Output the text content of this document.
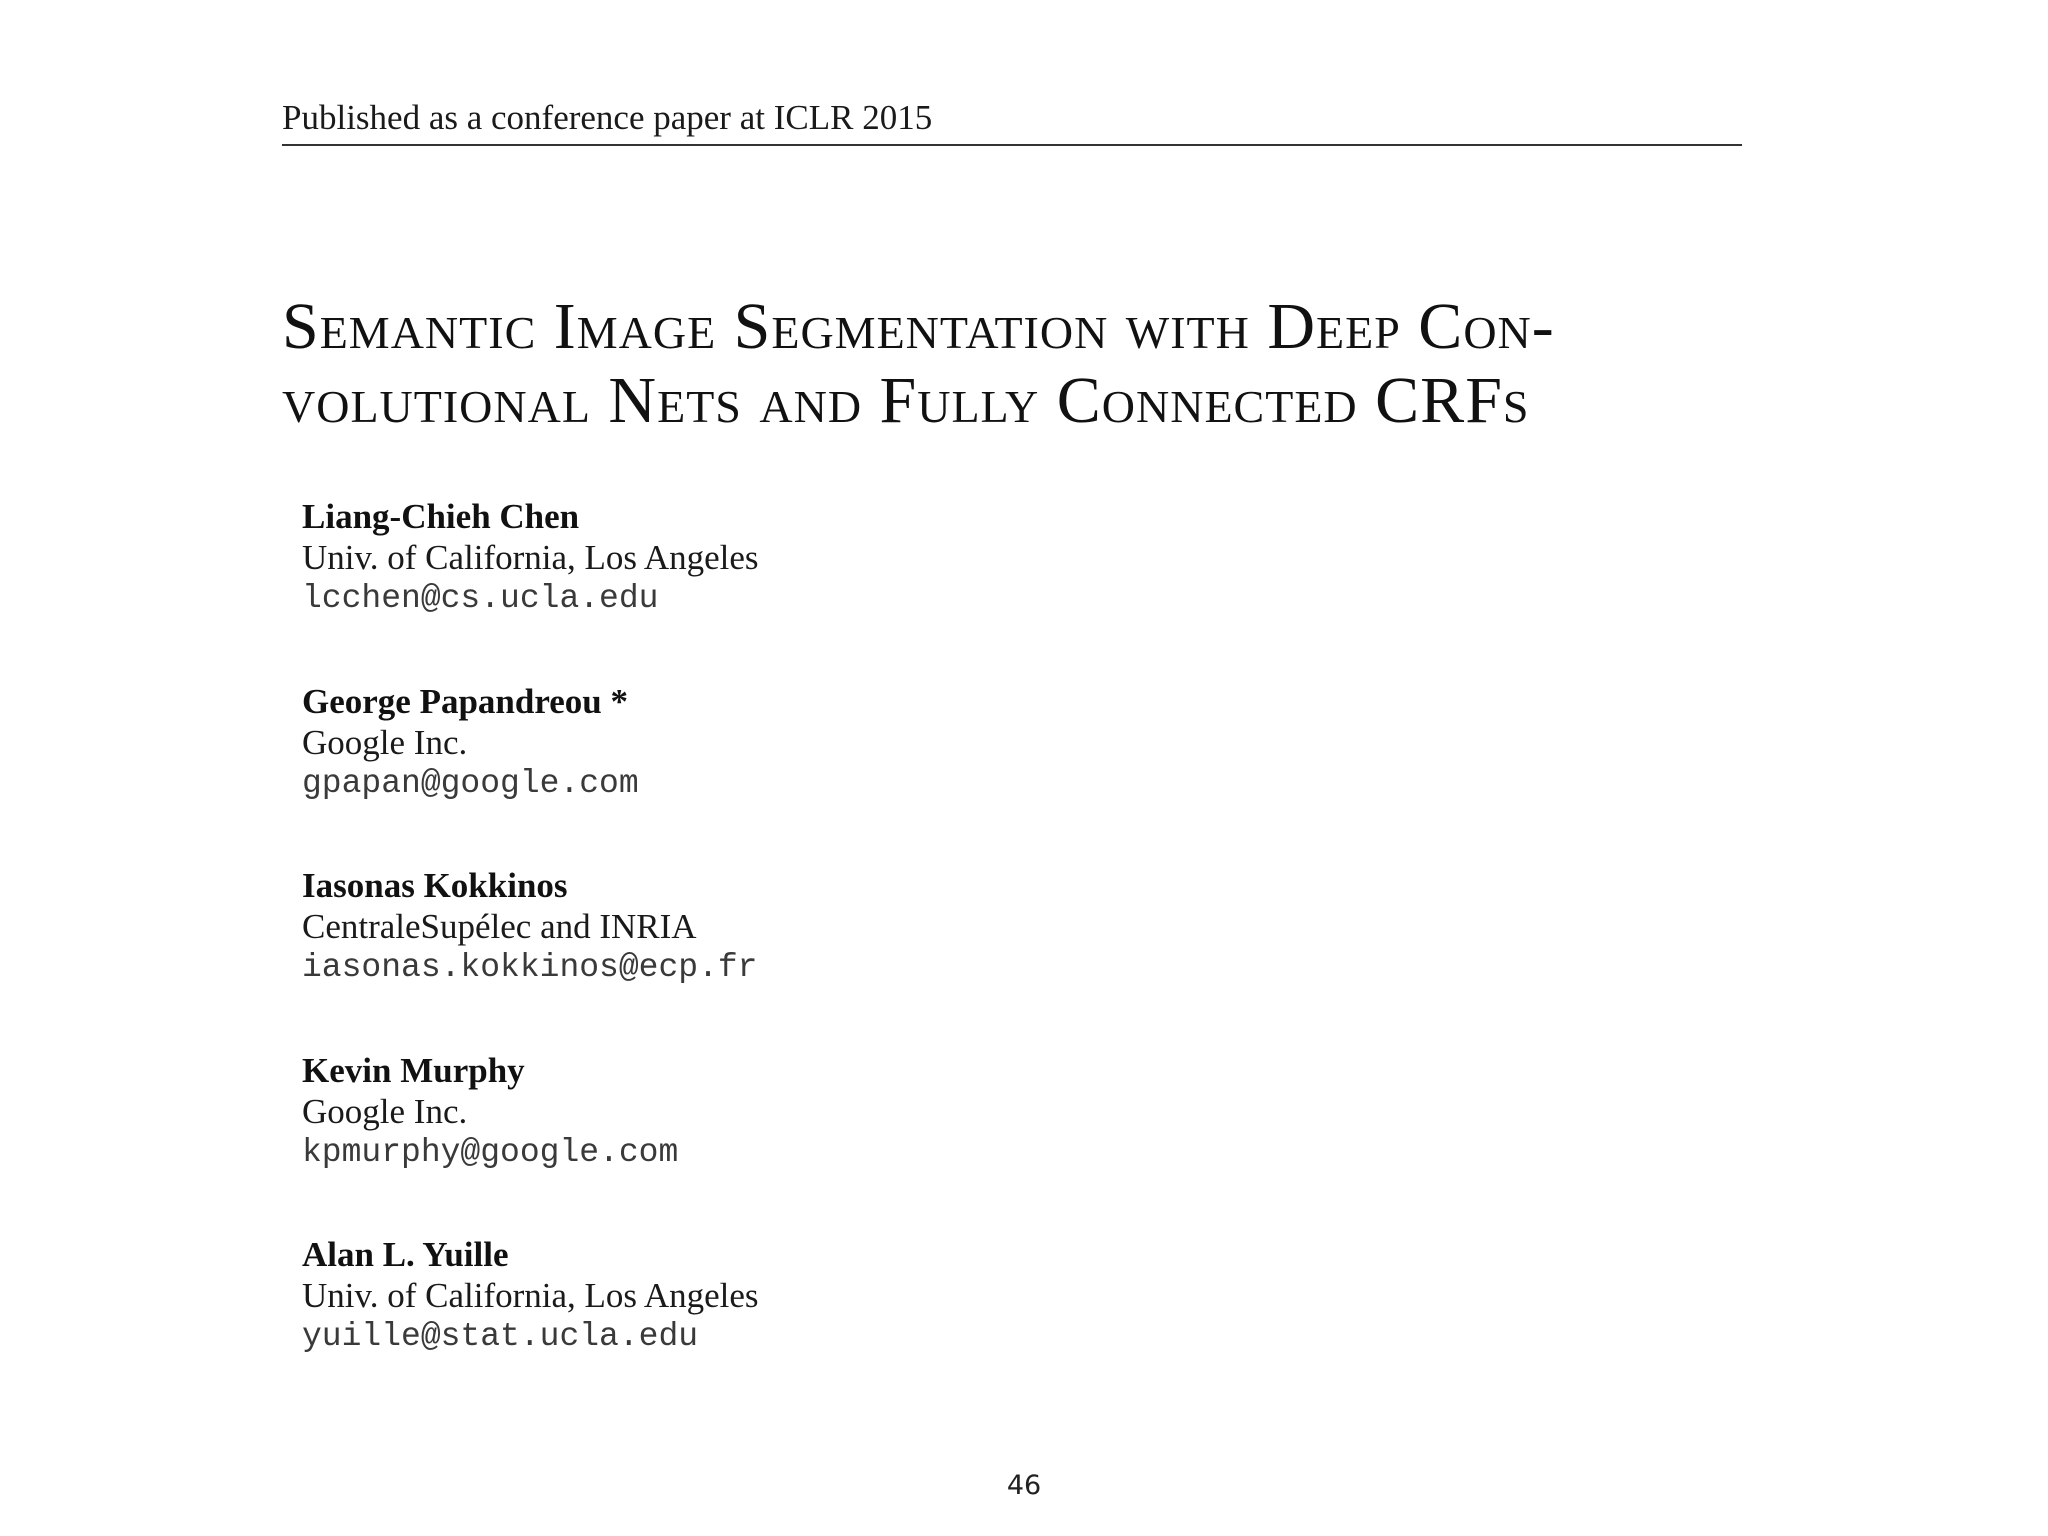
Published as a conference paper at ICLR 2015
Semantic Image Segmentation with Deep Con-
volutional Nets and Fully Connected CRFs
Liang-Chieh Chen
Univ. of California, Los Angeles
lcchen@cs.ucla.edu
George Papandreou *
Google Inc.
gpapan@google.com
Iasonas Kokkinos
CentraleSupélec and INRIA
iasonas.kokkinos@ecp.fr
Kevin Murphy
Google Inc.
kpmurphy@google.com
Alan L. Yuille
Univ. of California, Los Angeles
yuille@stat.ucla.edu
46
